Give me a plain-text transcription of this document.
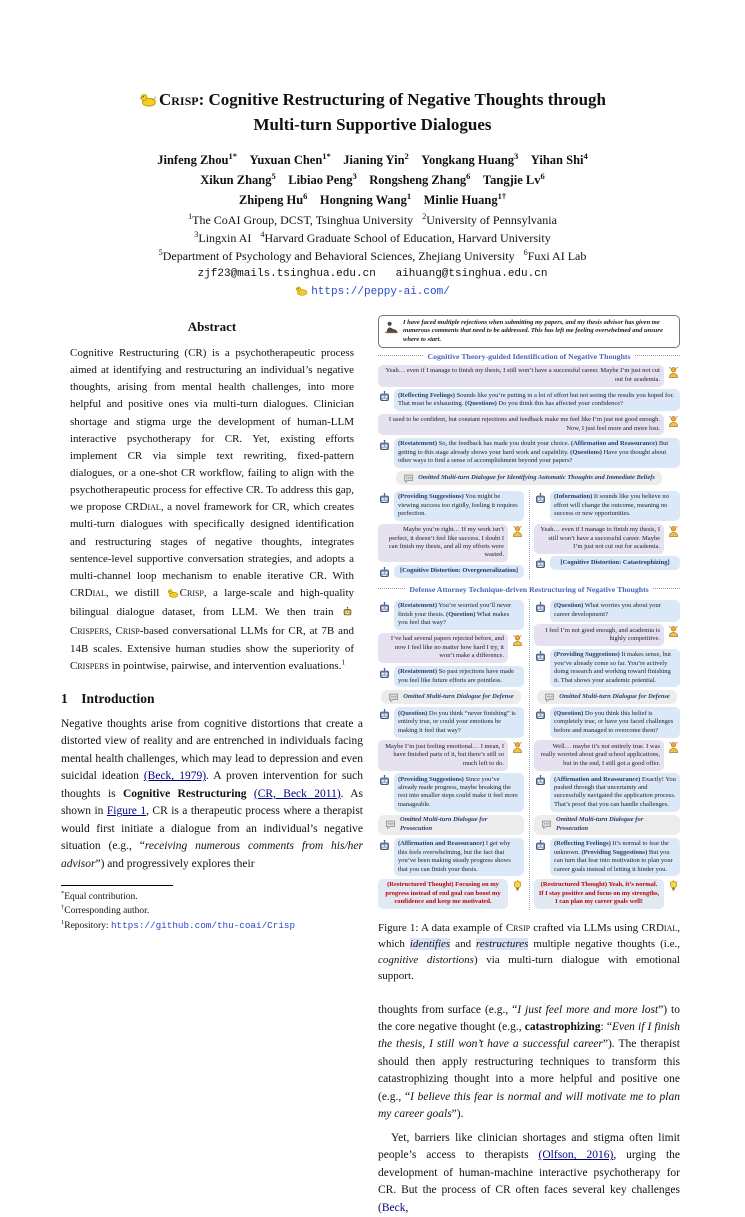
Crisp: Cognitive Restructuring of Negative Thoughts through
Multi-turn Supportive Dialogues
Jinfeng Zhou$^{1*}$    Yuxuan Chen$^{1*}$    Jianing Yin$^2$    Yongkang Huang$^3$    Yihan Shi$^4$
Xikun Zhang$^5$    Libiao Peng$^3$    Rongsheng Zhang$^6$    Tangjie Lv$^6$
Zhipeng Hu$^6$    Hongning Wang$^1$    Minlie Huang$^{1\dagger}$
$^1$The CoAI Group, DCST, Tsinghua University   $^2$University of Pennsylvania
$^3$Lingxin AI   $^4$Harvard Graduate School of Education, Harvard University
$^5$Department of Psychology and Behavioral Sciences, Zhejiang University   $^6$Fuxi AI Lab
zjf23@mails.tsinghua.edu.cn   aihuang@tsinghua.edu.cn
https://peppy-ai.com/
Abstract

Cognitive Restructuring (CR) is a psychotherapeutic process aimed at identifying and restructuring an individual’s negative thoughts, arising from mental health challenges, into more helpful and positive ones via multi-turn dialogues. Clinician shortage and stigma urge the development of human-LLM interactive psychotherapy for CR. Yet, existing efforts implement CR via simple text rewriting, fixed-pattern dialogues, or a one-shot CR workflow, failing to align with the psychotherapeutic process for effective CR. To address this gap, we propose CRDial, a novel framework for CR, which creates multi-turn dialogues with specifically designed identification and restructuring stages of negative thoughts, integrates sentence-level supportive conversation strategies, and adopts a multi-channel loop mechanism to enable iterative CR. With CRDial, we distill Crisp, a large-scale and high-quality bilingual dialogue dataset, from LLM. We then train Crispers, Crisp-based conversational LLMs for CR, at 7B and 14B scales. Extensive human studies show the superiority of Crispers in pointwise, pairwise, and intervention evaluations.$^1$

1 Introduction

Negative thoughts arise from cognitive distortions that create a distorted view of reality and are entrenched in individuals facing mental health challenges, which may lead to depression and even suicidal ideation (Beck, 1979). A proven intervention for such thoughts is Cognitive Restructuring (CR, Beck 2011). As shown in Figure 1, CR is a therapeutic process where a therapist would first initiate a dialogue from an individual’s negative situation (e.g., “receiving numerous comments from his/her advisor”) and progressively explores their

*Equal contribution.
†Corresponding author.
$^1$Repository: https://github.com/thu-coai/Crisp
I have faced multiple rejections when submitting my papers, and my thesis advisor has given me numerous comments that need to be addressed. This has left me feeling overwhelmed and unsure where to start.
Cognitive Theory-guided Identification of Negative Thoughts
Yeah… even if I manage to finish my thesis, I still won’t have a successful career. Maybe I’m just not cut out for academia.
(Reflecting Feelings) Sounds like you’re putting in a lot of effort but not seeing the results you hoped for. That must be exhausting. (Questions) Do you think this has affected your confidence?
I used to be confident, but constant rejections and feedback make me feel like I’m just not good enough. Now, I just feel more and more lost.
(Restatement) So, the feedback has made you doubt your choice. (Affirmation and Reassurance) But getting to this stage already shows your hard work and capability. (Questions) Have you thought about other ways to find a sense of accomplishment beyond your papers?
Omitted Multi-turn Dialogue for Identifying Automatic Thoughts and Immediate Beliefs
(Providing Suggestions) You might be viewing success too rigidly, feeling it requires perfection.
Maybe you’re right… If my work isn’t perfect, it doesn’t feel like success. I doubt I can finish my thesis, and all my efforts were wasted.
[Cognitive Distortion: Overgeneralization]
(Information) It sounds like you believe no effort will change the outcome, meaning no success or new opportunities.
Yeah… even if I manage to finish my thesis, I still won’t have a successful career. Maybe I’m just not cut out for academia.
[Cognitive Distortion: Catastrophizing]
Defense Attorney Technique-driven Restructuring of Negative Thoughts
(Restatement) You’re worried you’ll never finish your thesis. (Question) What makes you feel that way?
I’ve had several papers rejected before, and now I feel like no matter how hard I try, it won’t make a difference.
(Restatement) So past rejections have made you feel like future efforts are pointless.
Omitted Multi-turn Dialogue for Defense
(Question) Do you think “never finishing” is entirely true, or could your emotions be making it feel that way?
Maybe I’m just feeling emotional… I mean, I have finished parts of it, but there’s still so much left to do.
(Providing Suggestions) Since you’ve already made progress, maybe breaking the rest into smaller steps could make it feel more manageable.
Omitted Multi-turn Dialogue for Prosecution
(Affirmation and Reassurance) I get why this feels overwhelming, but the fact that you’ve been making steady progress shows that you can finish your thesis.
(Restructured Thought) Focusing on my progress instead of end goal can boost my confidence and keep me motivated.
(Question) What worries you about your career development?
I feel I’m not good enough, and academia is highly competitive.
(Providing Suggestions) It makes sense, but you’ve already come so far. You’re actively doing research and working toward finishing it. That shows your academic potential.
Omitted Multi-turn Dialogue for Defense
(Question) Do you think this belief is completely true, or have you faced challenges before and managed to overcome them?
Well… maybe it’s not entirely true. I was really worried about grad school applications, but in the end, I still got a good offer.
(Affirmation and Reassurance) Exactly! You pushed through that uncertainty and successfully navigated the application process. That’s proof that you can handle challenges.
Omitted Multi-turn Dialogue for Prosecution
(Reflecting Feelings) It’s normal to fear the unknown. (Providing Suggestions) But you can turn that fear into motivation to plan your career goals instead of letting it hinder you.
(Restructured Thought) Yeah, it’s normal. If I stay positive and focus on my strengths, I can plan my career goals well!
Figure 1: A data example of Crsip crafted via LLMs using CRDial, which identifies and restructures multiple negative thoughts (i.e., cognitive distortions) via multi-turn dialogue with emotional support.

thoughts from surface (e.g., “I just feel more and more lost”) to the core negative thought (e.g., catastrophizing: “Even if I finish the thesis, I still won’t have a successful career”). The therapist should then apply restructuring techniques to transform this catastrophizing thought into a more helpful and positive one (e.g., “I believe this fear is normal and will motivate me to plan my career goals”).

Yet, barriers like clinician shortages and stigma often limit people’s access to therapists (Olfson, 2016), urging the development of human-machine interactive psychotherapy for CR. But the process of CR often faces several key challenges (Beck,
